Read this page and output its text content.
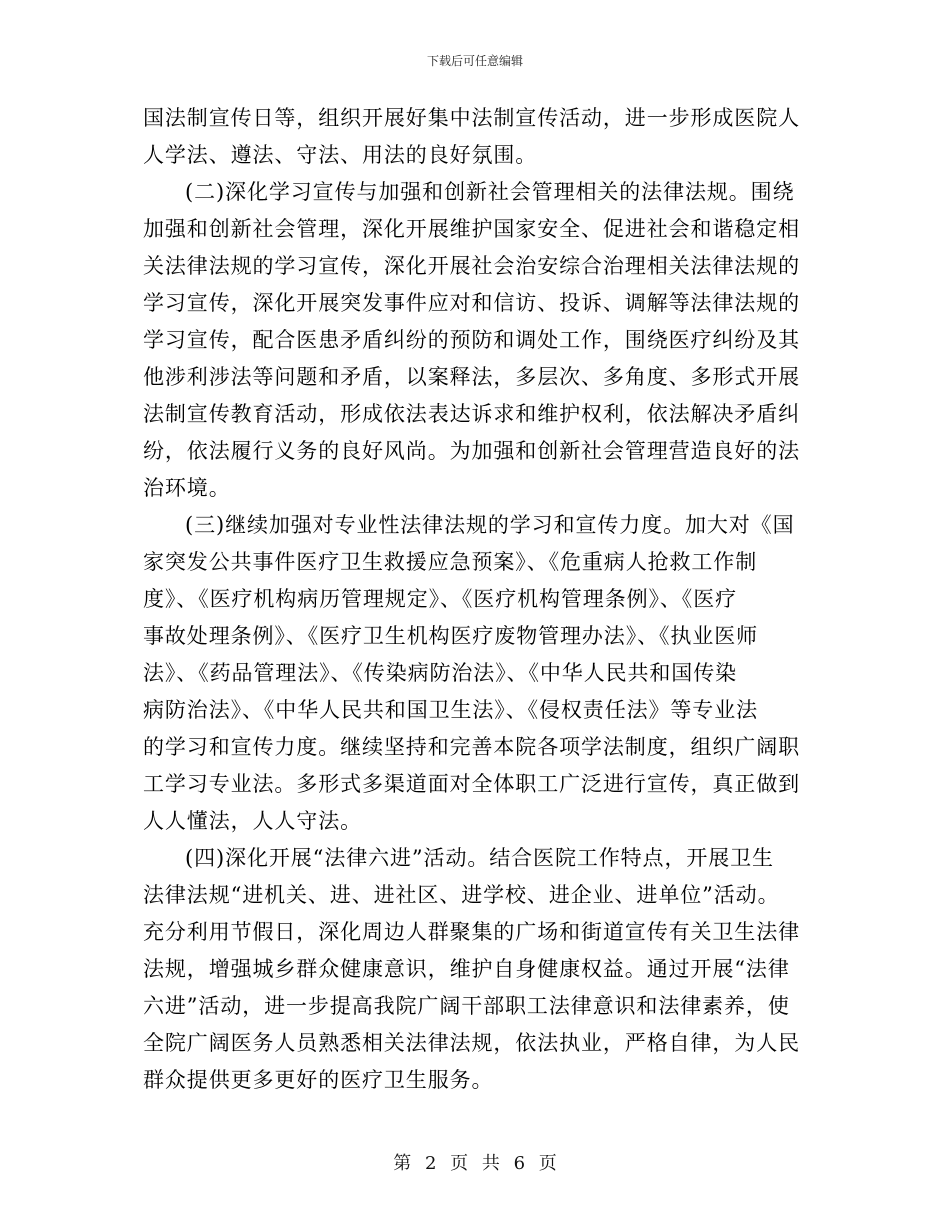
下载后可任意编辑
国法制宣传日等，组织开展好集中法制宣传活动，进一步形成医院人
人学法、遵法、守法、用法的良好氛围。
(二)深化学习宣传与加强和创新社会管理相关的法律法规。围绕
加强和创新社会管理，深化开展维护国家安全、促进社会和谐稳定相
关法律法规的学习宣传，深化开展社会治安综合治理相关法律法规的
学习宣传，深化开展突发事件应对和信访、投诉、调解等法律法规的
学习宣传，配合医患矛盾纠纷的预防和调处工作，围绕医疗纠纷及其
他涉利涉法等问题和矛盾，以案释法，多层次、多角度、多形式开展
法制宣传教育活动，形成依法表达诉求和维护权利，依法解决矛盾纠
纷，依法履行义务的良好风尚。为加强和创新社会管理营造良好的法
治环境。
(三)继续加强对专业性法律法规的学习和宣传力度。加大对《国
家突发公共事件医疗卫生救援应急预案》、《危重病人抢救工作制
度》、《医疗机构病历管理规定》、《医疗机构管理条例》、《医疗
事故处理条例》、《医疗卫生机构医疗废物管理办法》、《执业医师
法》、《药品管理法》、《传染病防治法》、《中华人民共和国传染
病防治法》、《中华人民共和国卫生法》、《侵权责任法》等专业法
的学习和宣传力度。继续坚持和完善本院各项学法制度，组织广阔职
工学习专业法。多形式多渠道面对全体职工广泛进行宣传，真正做到
人人懂法，人人守法。
(四)深化开展“法律六进”活动。结合医院工作特点，开展卫生
法律法规“进机关、进、进社区、进学校、进企业、进单位”活动。
充分利用节假日，深化周边人群聚集的广场和街道宣传有关卫生法律
法规，增强城乡群众健康意识，维护自身健康权益。通过开展“法律
六进”活动，进一步提高我院广阔干部职工法律意识和法律素养，使
全院广阔医务人员熟悉相关法律法规，依法执业，严格自律，为人民
群众提供更多更好的医疗卫生服务。
第 2 页 共 6 页
